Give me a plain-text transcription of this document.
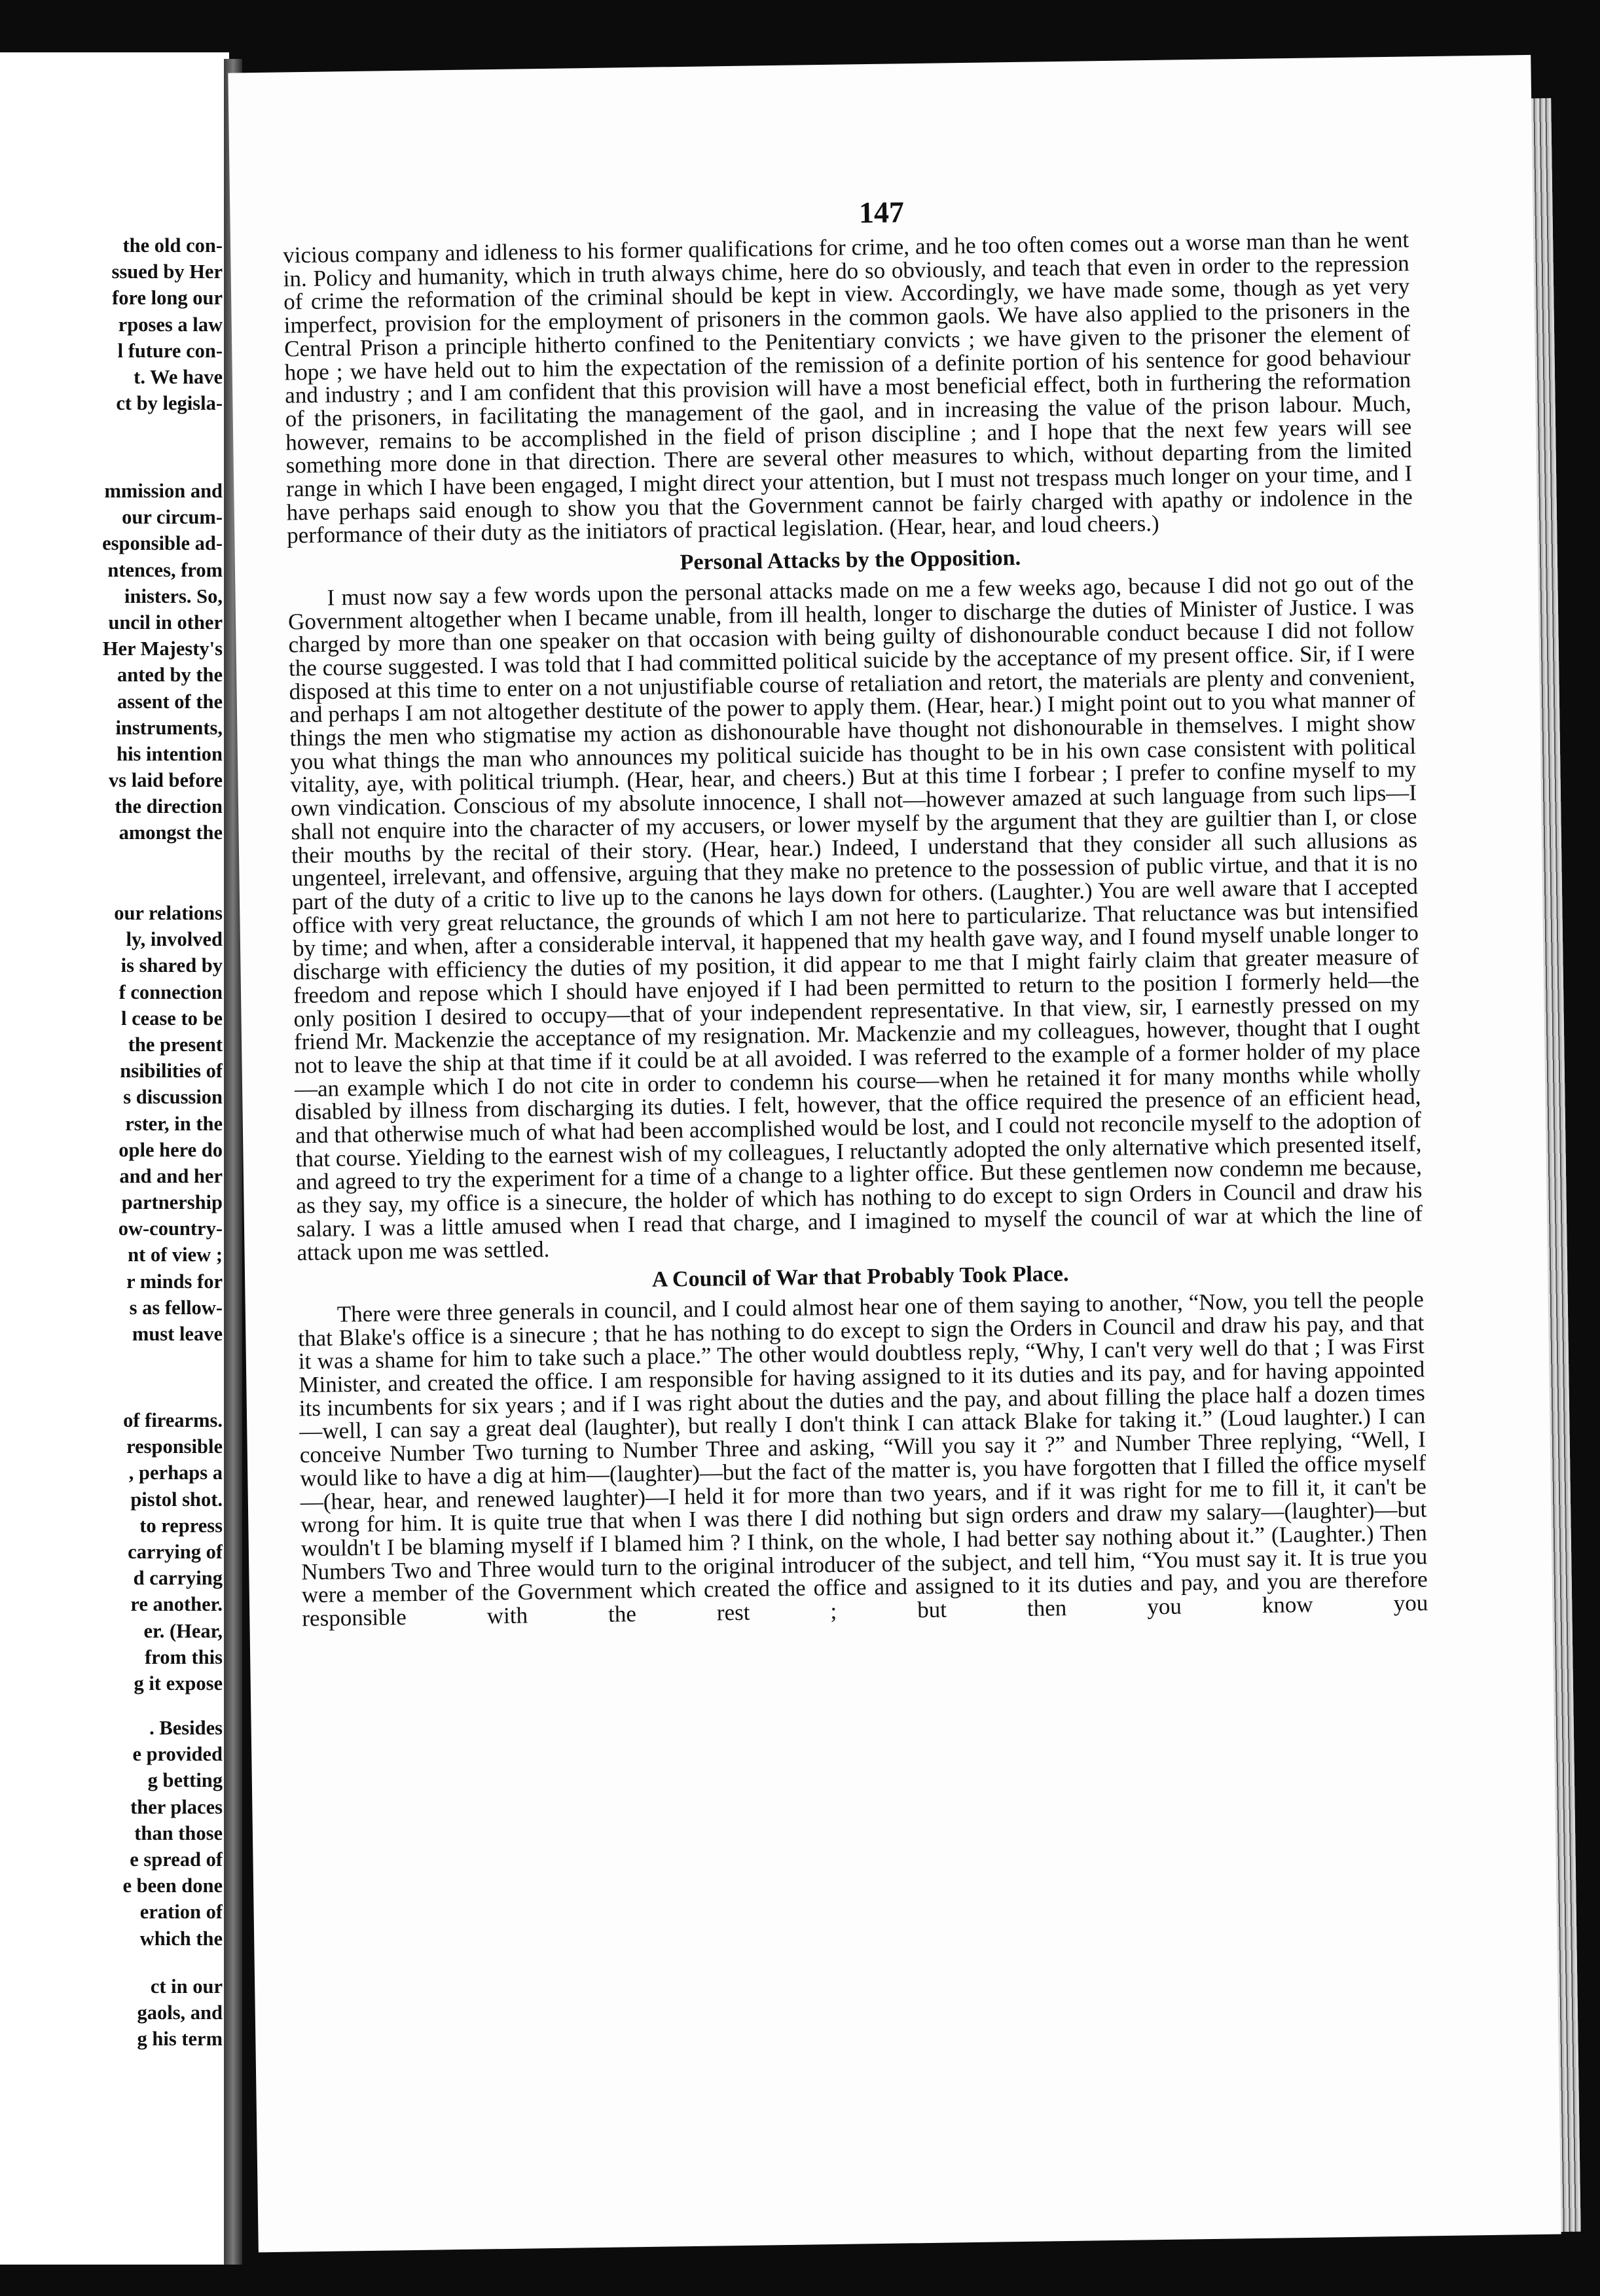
the old con-
ssued by Her
fore long our
rposes a law
l future con-
t. We have
ct by legisla-
mmission and
our circum-
esponsible ad-
ntences, from
inisters. So,
uncil in other
Her Majesty's
anted by the
assent of the
instruments,
his intention
vs laid before
the direction
amongst the
our relations
ly, involved
is shared by
f connection
l cease to be
the present
nsibilities of
s discussion
rster, in the
ople here do
and and her
partnership
ow-country-
nt of view ;
r minds for
s as fellow-
must leave
of firearms.
responsible
, perhaps a
pistol shot.
to repress
carrying of
d carrying
re another.
er. (Hear,
from this
g it expose
. Besides
e provided
g betting
ther places
than those
e spread of
e been done
eration of
which the
ct in our
gaols, and
g his term
147

vicious company and idleness to his former qualifications for crime, and he too often comes out a worse man than he went in. Policy and humanity, which in truth always chime, here do so obviously, and teach that even in order to the repression of crime the reformation of the criminal should be kept in view. Accordingly, we have made some, though as yet very imperfect, provision for the employment of prisoners in the common gaols. We have also applied to the prisoners in the Central Prison a principle hitherto confined to the Penitentiary convicts ; we have given to the prisoner the element of hope ; we have held out to him the expectation of the remission of a definite portion of his sentence for good behaviour and industry ; and I am confident that this provision will have a most beneficial effect, both in furthering the reformation of the prisoners, in facilitating the management of the gaol, and in increasing the value of the prison labour. Much, however, remains to be accomplished in the field of prison discipline ; and I hope that the next few years will see something more done in that direction. There are several other measures to which, without departing from the limited range in which I have been engaged, I might direct your attention, but I must not trespass much longer on your time, and I have perhaps said enough to show you that the Government cannot be fairly charged with apathy or indolence in the performance of their duty as the initiators of practical legislation. (Hear, hear, and loud cheers.)

Personal Attacks by the Opposition.

I must now say a few words upon the personal attacks made on me a few weeks ago, because I did not go out of the Government altogether when I became unable, from ill health, longer to discharge the duties of Minister of Justice. I was charged by more than one speaker on that occasion with being guilty of dishonourable conduct because I did not follow the course suggested. I was told that I had committed political suicide by the acceptance of my present office. Sir, if I were disposed at this time to enter on a not unjustifiable course of retaliation and retort, the materials are plenty and convenient, and perhaps I am not altogether destitute of the power to apply them. (Hear, hear.) I might point out to you what manner of things the men who stigmatise my action as dishonourable have thought not dishonourable in themselves. I might show you what things the man who announces my political suicide has thought to be in his own case consistent with political vitality, aye, with political triumph. (Hear, hear, and cheers.) But at this time I forbear ; I prefer to confine myself to my own vindication. Conscious of my absolute innocence, I shall not—however amazed at such language from such lips—I shall not enquire into the character of my accusers, or lower myself by the argument that they are guiltier than I, or close their mouths by the recital of their story. (Hear, hear.) Indeed, I understand that they consider all such allusions as ungenteel, irrelevant, and offensive, arguing that they make no pretence to the possession of public virtue, and that it is no part of the duty of a critic to live up to the canons he lays down for others. (Laughter.) You are well aware that I accepted office with very great reluctance, the grounds of which I am not here to particularize. That reluctance was but intensified by time; and when, after a considerable interval, it happened that my health gave way, and I found myself unable longer to discharge with efficiency the duties of my position, it did appear to me that I might fairly claim that greater measure of freedom and repose which I should have enjoyed if I had been permitted to return to the position I formerly held—the only position I desired to occupy—that of your independent representative. In that view, sir, I earnestly pressed on my friend Mr. Mackenzie the acceptance of my resignation. Mr. Mackenzie and my colleagues, however, thought that I ought not to leave the ship at that time if it could be at all avoided. I was referred to the example of a former holder of my place—an example which I do not cite in order to condemn his course—when he retained it for many months while wholly disabled by illness from discharging its duties. I felt, however, that the office required the presence of an efficient head, and that otherwise much of what had been accomplished would be lost, and I could not reconcile myself to the adoption of that course. Yielding to the earnest wish of my colleagues, I reluctantly adopted the only alternative which presented itself, and agreed to try the experiment for a time of a change to a lighter office. But these gentlemen now condemn me because, as they say, my office is a sinecure, the holder of which has nothing to do except to sign Orders in Council and draw his salary. I was a little amused when I read that charge, and I imagined to myself the council of war at which the line of attack upon me was settled.

A Council of War that Probably Took Place.

There were three generals in council, and I could almost hear one of them saying to another, “Now, you tell the people that Blake's office is a sinecure ; that he has nothing to do except to sign the Orders in Council and draw his pay, and that it was a shame for him to take such a place.” The other would doubtless reply, “Why, I can't very well do that ; I was First Minister, and created the office. I am responsible for having assigned to it its duties and its pay, and for having appointed its incumbents for six years ; and if I was right about the duties and the pay, and about filling the place half a dozen times—well, I can say a great deal (laughter), but really I don't think I can attack Blake for taking it.” (Loud laughter.) I can conceive Number Two turning to Number Three and asking, “Will you say it ?” and Number Three replying, “Well, I would like to have a dig at him—(laughter)—but the fact of the matter is, you have forgotten that I filled the office myself—(hear, hear, and renewed laughter)—I held it for more than two years, and if it was right for me to fill it, it can't be wrong for him. It is quite true that when I was there I did nothing but sign orders and draw my salary—(laughter)—but wouldn't I be blaming myself if I blamed him ? I think, on the whole, I had better say nothing about it.” (Laughter.) Then Numbers Two and Three would turn to the original introducer of the subject, and tell him, “You must say it. It is true you were a member of the Government which created the office and assigned to it its duties and pay, and you are therefore responsible with the rest ; but then you know you
